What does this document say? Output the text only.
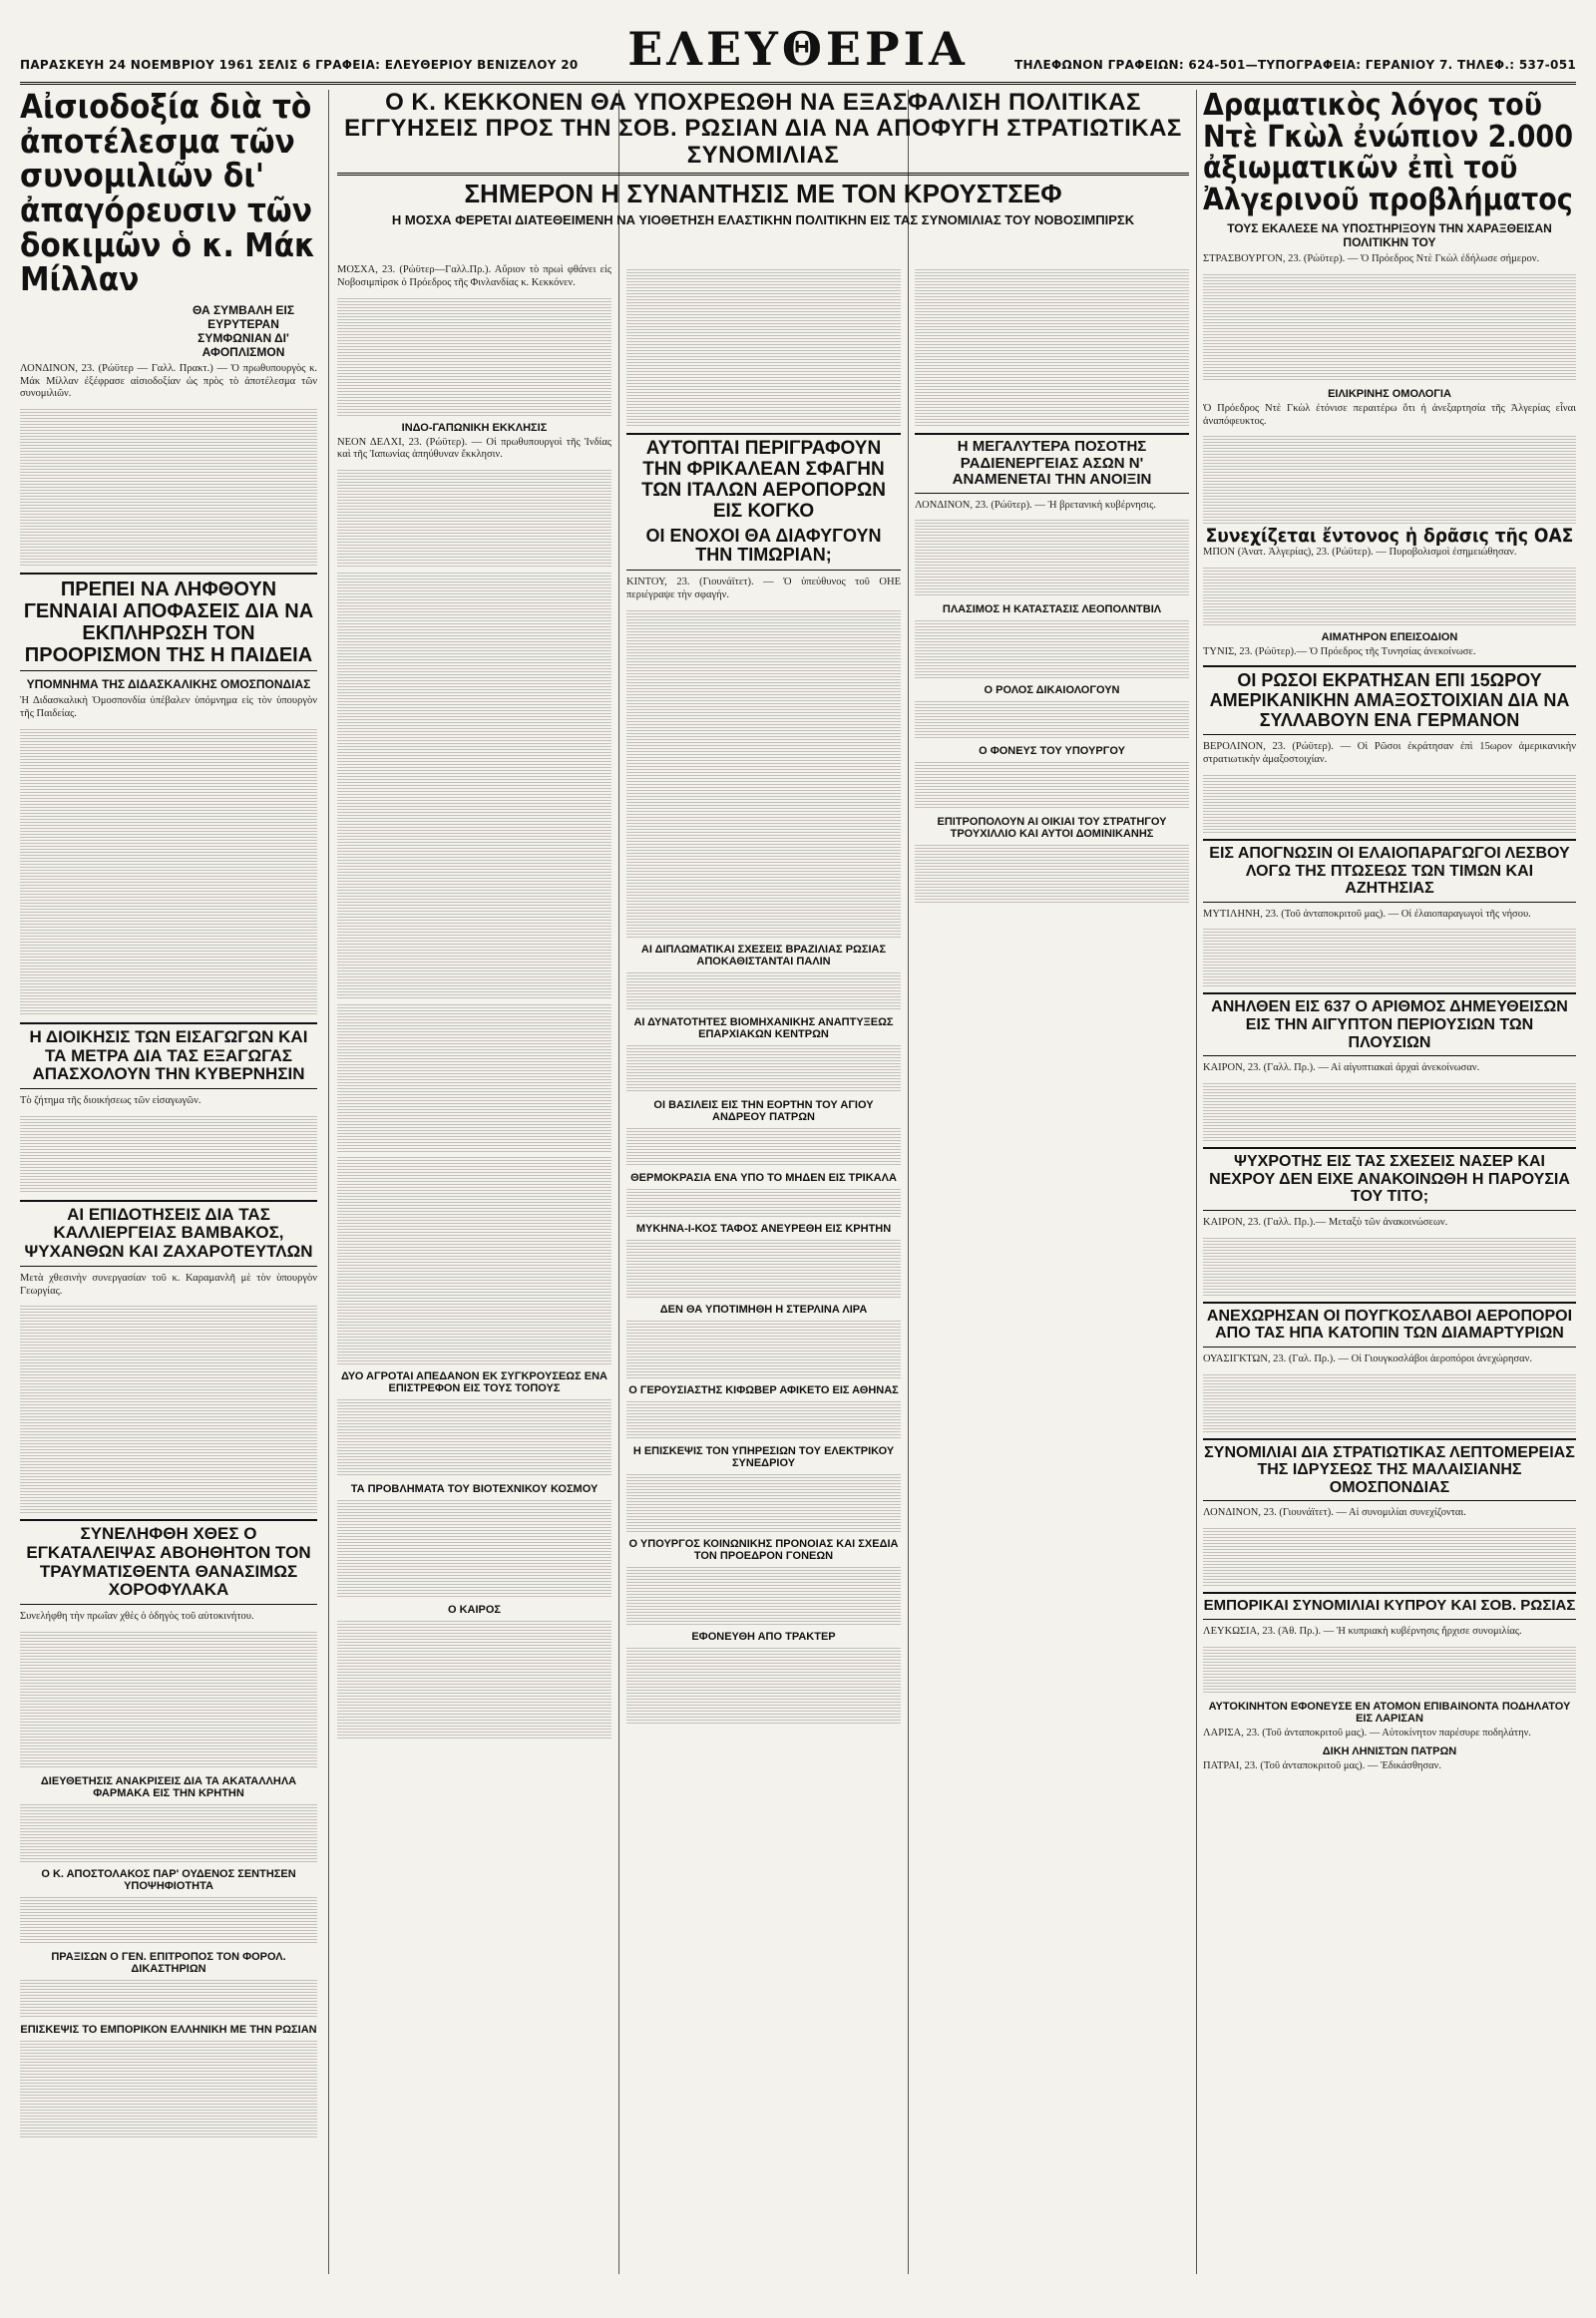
ΠΑΡΑΣΚΕΥΗ 24 ΝΟΕΜΒΡΙΟΥ 1961 ΣΕΛΙΣ 6 ΓΡΑΦΕΙΑ: ΕΛΕΥΘΕΡΙΟΥ ΒΕΝΙΖΕΛΟΥ 20	ΕΛΕΥΘΕΡΙΑ	ΤΗΛΕΦΩΝΟΝ ΓΡΑΦΕΙΩΝ: 624-501—ΤΥΠΟΓΡΑΦΕΙΑ: ΓΕΡΑΝΙΟΥ 7. ΤΗΛΕΦ.: 537-051
Αἰσιοδοξία διὰ τὸ ἀποτέλεσμα τῶν συνομιλιῶν δι' ἀπαγόρευσιν τῶν δοκιμῶν ὁ κ. Μάκ Μίλλαν
ΘΑ ΣΥΜΒΑΛΗ ΕΙΣ ΕΥΡΥΤΕΡΑΝ ΣΥΜΦΩΝΙΑΝ ΔΙ' ΑΦΟΠΛΙΣΜΟΝ

ΛΟΝΔΙΝΟΝ, 23. (Ρώϋτερ — Γαλλ. Πρακτ.) — Ὁ πρωθυπουργὸς κ. Μάκ Μίλλαν ἐξέφρασε αἰσιοδοξίαν ὡς πρὸς τὸ ἀποτέλεσμα τῶν συνομιλιῶν.

ΠΡΕΠΕΙ ΝΑ ΛΗΦΘΟΥΝ ΓΕΝΝΑΙΑΙ ΑΠΟΦΑΣΕΙΣ ΔΙΑ ΝΑ ΕΚΠΛΗΡΩΣΗ ΤΟΝ ΠΡΟΟΡΙΣΜΟΝ ΤΗΣ Η ΠΑΙΔΕΙΑ
ΥΠΟΜΝΗΜΑ ΤΗΣ ΔΙΔΑΣΚΑΛΙΚΗΣ ΟΜΟΣΠΟΝΔΙΑΣ

Ἡ Διδασκαλικὴ Ὁμοσπονδία ὑπέβαλεν ὑπόμνημα εἰς τὸν ὑπουργὸν τῆς Παιδείας.

Η ΔΙΟΙΚΗΣΙΣ ΤΩΝ ΕΙΣΑΓΩΓΩΝ ΚΑΙ ΤΑ ΜΕΤΡΑ ΔΙΑ ΤΑΣ ΕΞΑΓΩΓΑΣ ΑΠΑΣΧΟΛΟΥΝ ΤΗΝ ΚΥΒΕΡΝΗΣΙΝ

Τὸ ζήτημα τῆς διοικήσεως τῶν εἰσαγωγῶν.

ΑΙ ΕΠΙΔΟΤΗΣΕΙΣ ΔΙΑ ΤΑΣ ΚΑΛΛΙΕΡΓΕΙΑΣ ΒΑΜΒΑΚΟΣ, ΨΥΧΑΝΘΩΝ ΚΑΙ ΖΑΧΑΡΟΤΕΥΤΛΩΝ

Μετὰ χθεσινὴν συνεργασίαν τοῦ κ. Καραμανλῆ μὲ τὸν ὑπουργὸν Γεωργίας.

ΣΥΝΕΛΗΦΘΗ ΧΘΕΣ Ο ΕΓΚΑΤΑΛΕΙΨΑΣ ΑΒΟΗΘΗΤΟΝ ΤΟΝ ΤΡΑΥΜΑΤΙΣΘΕΝΤΑ ΘΑΝΑΣΙΜΩΣ ΧΟΡΟΦΥΛΑΚΑ

Συνελήφθη τὴν πρωΐαν χθὲς ὁ ὁδηγὸς τοῦ αὐτοκινήτου.

ΔΙΕΥΘΕΤΗΣΙΣ ΑΝΑΚΡΙΣΕΙΣ ΔΙΑ ΤΑ ΑΚΑΤΑΛΛΗΛΑ ΦΑΡΜΑΚΑ ΕΙΣ ΤΗΝ ΚΡΗΤΗΝ
Ο Κ. ΑΠΟΣΤΟΛΑΚΟΣ ΠΑΡ' ΟΥΔΕΝΟΣ ΣΕΝΤΗΣΕΝ ΥΠΟΨΗΦΙΟΤΗΤΑ
ΠΡΑΞΙΣΩΝ Ο ΓΕΝ. ΕΠΙΤΡΟΠΟΣ ΤΟΝ ΦΟΡΟΛ. ΔΙΚΑΣΤΗΡΙΩΝ
ΕΠΙΣΚΕΨΙΣ ΤΟ ΕΜΠΟΡΙΚΟΝ ΕΛΛΗΝΙΚΗ ΜΕ ΤΗΝ ΡΩΣΙΑΝ
Ο Κ. ΚΕΚΚΟΝΕΝ ΘΑ ΥΠΟΧΡΕΩΘΗ ΝΑ ΕΞΑΣΦΑΛΙΣΗ ΠΟΛΙΤΙΚΑΣ ΕΓΓΥΗΣΕΙΣ ΠΡΟΣ ΤΗΝ ΣΟΒ. ΡΩΣΙΑΝ ΔΙΑ ΝΑ ΑΠΟΦΥΓΗ ΣΤΡΑΤΙΩΤΙΚΑΣ ΣΥΝΟΜΙΛΙΑΣ
ΣΗΜΕΡΟΝ Η ΣΥΝΑΝΤΗΣΙΣ ΜΕ ΤΟΝ ΚΡΟΥΣΤΣΕΦ
Η ΜΟΣΧΑ ΦΕΡΕΤΑΙ ΔΙΑΤΕΘΕΙΜΕΝΗ ΝΑ ΥΙΟΘΕΤΗΣΗ ΕΛΑΣΤΙΚΗΝ ΠΟΛΙΤΙΚΗΝ ΕΙΣ ΤΑΣ ΣΥΝΟΜΙΛΙΑΣ ΤΟΥ ΝΟΒΟΣΙΜΠΙΡΣΚ

ΜΟΣΧΑ, 23. (Ρώϋτερ—Γαλλ.Πρ.). Αὔριον τὸ πρωὶ φθάνει εἰς Νοβοσιμπὶρσκ ὁ Πρόεδρος τῆς Φινλανδίας κ. Κεκκόνεν.

ΙΝΔΟ-ΓΑΠΩΝΙΚΗ ΕΚΚΛΗΣΙΣ

ΝΕΟΝ ΔΕΛΧΙ, 23. (Ρώϋτερ). — Οἱ πρωθυπουργοὶ τῆς Ἰνδίας καὶ τῆς Ἰαπωνίας ἀπηύθυναν ἔκκλησιν.

ΔΥΟ ΑΓΡΟΤΑΙ ΑΠΕΔΑΝΟΝ ΕΚ ΣΥΓΚΡΟΥΣΕΩΣ ΕΝΑ ΕΠΙΣΤΡΕΦΟΝ ΕΙΣ ΤΟΥΣ ΤΟΠΟΥΣ
ΤΑ ΠΡΟΒΛΗΜΑΤΑ ΤΟΥ ΒΙΟΤΕΧΝΙΚΟΥ ΚΟΣΜΟΥ
Ο ΚΑΙΡΟΣ
ΑΥΤΟΠΤΑΙ ΠΕΡΙΓΡΑΦΟΥΝ ΤΗΝ ΦΡΙΚΑΛΕΑΝ ΣΦΑΓΗΝ ΤΩΝ ΙΤΑΛΩΝ ΑΕΡΟΠΟΡΩΝ ΕΙΣ ΚΟΓΚΟ
ΟΙ ΕΝΟΧΟΙ ΘΑ ΔΙΑΦΥΓΟΥΝ ΤΗΝ ΤΙΜΩΡΙΑΝ;

ΚΙΝΤΟΥ, 23. (Γιουνάϊτετ). — Ὁ ὑπεύθυνος τοῦ ΟΗΕ περιέγραψε τὴν σφαγήν.

ΑΙ ΔΙΠΛΩΜΑΤΙΚΑΙ ΣΧΕΣΕΙΣ ΒΡΑΖΙΛΙΑΣ ΡΩΣΙΑΣ ΑΠΟΚΑΘΙΣΤΑΝΤΑΙ ΠΑΛΙΝ
ΑΙ ΔΥΝΑΤΟΤΗΤΕΣ ΒΙΟΜΗΧΑΝΙΚΗΣ ΑΝΑΠΤΥΞΕΩΣ ΕΠΑΡΧΙΑΚΩΝ ΚΕΝΤΡΩΝ
ΟΙ ΒΑΣΙΛΕΙΣ ΕΙΣ ΤΗΝ ΕΟΡΤΗΝ ΤΟΥ ΑΓΙΟΥ ΑΝΔΡΕΟΥ ΠΑΤΡΩΝ
ΘΕΡΜΟΚΡΑΣΙΑ ΕΝΑ ΥΠΟ ΤΟ ΜΗΔΕΝ ΕΙΣ ΤΡΙΚΑΛΑ
ΜΥΚΗΝΑ-Ι-ΚΟΣ ΤΑΦΟΣ ΑΝΕΥΡΕΘΗ ΕΙΣ ΚΡΗΤΗΝ
ΔΕΝ ΘΑ ΥΠΟΤΙΜΗΘΗ Η ΣΤΕΡΛΙΝΑ ΛΙΡΑ
Ο ΓΕΡΟΥΣΙΑΣΤΗΣ ΚΙΦΩΒΕΡ ΑΦΙΚΕΤΟ ΕΙΣ ΑΘΗΝΑΣ
Η ΕΠΙΣΚΕΨΙΣ ΤΟΝ ΥΠΗΡΕΣΙΩΝ ΤΟΥ ΕΛΕΚΤΡΙΚΟΥ ΣΥΝΕΔΡΙΟΥ
Ο ΥΠΟΥΡΓΟΣ ΚΟΙΝΩΝΙΚΗΣ ΠΡΟΝΟΙΑΣ ΚΑΙ ΣΧΕΔΙΑ ΤΟΝ ΠΡΟΕΔΡΟΝ ΓΟΝΕΩΝ
ΕΦΟΝΕΥΘΗ ΑΠΟ ΤΡΑΚΤΕΡ
Η ΜΕΓΑΛΥΤΕΡΑ ΠΟΣΟΤΗΣ ΡΑΔΙΕΝΕΡΓΕΙΑΣ ΑΣΩΝ Ν' ΑΝΑΜΕΝΕΤΑΙ ΤΗΝ ΑΝΟΙΞΙΝ

ΛΟΝΔΙΝΟΝ, 23. (Ρώϋτερ). — Ἡ βρετανικὴ κυβέρνησις.

ΠΛΑΣΙΜΟΣ Η ΚΑΤΑΣΤΑΣΙΣ ΛΕΟΠΟΛΝΤΒΙΛ
Ο ΡΟΛΟΣ ΔΙΚΑΙΟΛΟΓΟΥΝ
Ο ΦΟΝΕΥΣ ΤΟΥ ΥΠΟΥΡΓΟΥ
ΕΠΙΤΡΟΠΟΛΟΥΝ ΑΙ ΟΙΚΙΑΙ ΤΟΥ ΣΤΡΑΤΗΓΟΥ ΤΡΟΥΧΙΛΛΙΟ ΚΑΙ ΑΥΤΟΙ ΔΟΜΙΝΙΚΑΝΗΣ
Δραματικὸς λόγος τοῦ Ντὲ Γκὼλ ἐνώπιον 2.000 ἀξιωματικῶν ἐπὶ τοῦ Ἀλγερινοῦ προβλήματος
ΤΟΥΣ ΕΚΑΛΕΣΕ ΝΑ ΥΠΟΣΤΗΡΙΞΟΥΝ ΤΗΝ ΧΑΡΑΞΘΕΙΣΑΝ ΠΟΛΙΤΙΚΗΝ ΤΟΥ

ΣΤΡΑΣΒΟΥΡΓΟΝ, 23. (Ρώϋτερ). — Ὁ Πρόεδρος Ντὲ Γκὼλ ἐδήλωσε σήμερον.

ΕΙΛΙΚΡΙΝΗΣ ΟΜΟΛΟΓΙΑ

Ὁ Πρόεδρος Ντὲ Γκὼλ ἐτόνισε περαιτέρω ὅτι ἡ ἀνεξαρτησία τῆς Ἀλγερίας εἶναι ἀναπόφευκτος.

Συνεχίζεται ἔντονος ἡ δρᾶσις τῆς ΟΑΣ

ΜΠΟΝ (Ἀνατ. Ἀλγερίας), 23. (Ρώϋτερ). — Πυροβολισμοὶ ἐσημειώθησαν.

ΑΙΜΑΤΗΡΟΝ ΕΠΕΙΣΟΔΙΟΝ

ΤΥΝΙΣ, 23. (Ρώϋτερ).— Ὁ Πρόεδρος τῆς Τυνησίας ἀνεκοίνωσε.

ΟΙ ΡΩΣΟΙ ΕΚΡΑΤΗΣΑΝ ΕΠΙ 15ΩΡΟΥ ΑΜΕΡΙΚΑΝΙΚΗΝ ΑΜΑΞΟΣΤΟΙΧΙΑΝ ΔΙΑ ΝΑ ΣΥΛΛΑΒΟΥΝ ΕΝΑ ΓΕΡΜΑΝΟΝ

ΒΕΡΟΛΙΝΟΝ, 23. (Ρώϋτερ). — Οἱ Ρῶσοι ἐκράτησαν ἐπὶ 15ωρον ἀμερικανικὴν στρατιωτικὴν ἀμαξοστοιχίαν.

ΕΙΣ ΑΠΟΓΝΩΣΙΝ ΟΙ ΕΛΑΙΟΠΑΡΑΓΩΓΟΙ ΛΕΣΒΟΥ ΛΟΓΩ ΤΗΣ ΠΤΩΣΕΩΣ ΤΩΝ ΤΙΜΩΝ ΚΑΙ ΑΖΗΤΗΣΙΑΣ

ΜΥΤΙΛΗΝΗ, 23. (Τοῦ ἀνταποκριτοῦ μας). — Οἱ ἐλαιοπαραγωγοὶ τῆς νήσου.

ΑΝΗΛΘΕΝ ΕΙΣ 637 Ο ΑΡΙΘΜΟΣ ΔΗΜΕΥΘΕΙΣΩΝ ΕΙΣ ΤΗΝ ΑΙΓΥΠΤΟΝ ΠΕΡΙΟΥΣΙΩΝ ΤΩΝ ΠΛΟΥΣΙΩΝ

ΚΑΙΡΟΝ, 23. (Γαλλ. Πρ.). — Αἱ αἰγυπτιακαὶ ἀρχαὶ ἀνεκοίνωσαν.

ΨΥΧΡΟΤΗΣ ΕΙΣ ΤΑΣ ΣΧΕΣΕΙΣ ΝΑΣΕΡ ΚΑΙ ΝΕΧΡΟΥ ΔΕΝ ΕΙΧΕ ΑΝΑΚΟΙΝΩΘΗ Η ΠΑΡΟΥΣΙΑ ΤΟΥ ΤΙΤΟ;

ΚΑΙΡΟΝ, 23. (Γαλλ. Πρ.).— Μεταξὺ τῶν ἀνακοινώσεων.

ΑΝΕΧΩΡΗΣΑΝ ΟΙ ΠΟΥΓΚΟΣΛΑΒΟΙ ΑΕΡΟΠΟΡΟΙ ΑΠΟ ΤΑΣ ΗΠΑ ΚΑΤΟΠΙΝ ΤΩΝ ΔΙΑΜΑΡΤΥΡΙΩΝ

ΟΥΑΣΙΓΚΤΩΝ, 23. (Γαλ. Πρ.). — Οἱ Γιουγκοσλάβοι ἀεροπόροι ἀνεχώρησαν.

ΣΥΝΟΜΙΛΙΑΙ ΔΙΑ ΣΤΡΑΤΙΩΤΙΚΑΣ ΛΕΠΤΟΜΕΡΕΙΑΣ ΤΗΣ ΙΔΡΥΣΕΩΣ ΤΗΣ ΜΑΛΑΙΣΙΑΝΗΣ ΟΜΟΣΠΟΝΔΙΑΣ

ΛΟΝΔΙΝΟΝ, 23. (Γιουνάϊτετ). — Αἱ συνομιλίαι συνεχίζονται.

ΕΜΠΟΡΙΚΑΙ ΣΥΝΟΜΙΛΙΑΙ ΚΥΠΡΟΥ ΚΑΙ ΣΟΒ. ΡΩΣΙΑΣ

ΛΕΥΚΩΣΙΑ, 23. (Ἀθ. Πρ.). — Ἡ κυπριακὴ κυβέρνησις ἤρχισε συνομιλίας.

ΑΥΤΟΚΙΝΗΤΟΝ ΕΦΟΝΕΥΣΕ ΕΝ ΑΤΟΜΟΝ ΕΠΙΒΑΙΝΟΝΤΑ ΠΟΔΗΛΑΤΟΥ ΕΙΣ ΛΑΡΙΣΑΝ

ΛΑΡΙΣΑ, 23. (Τοῦ ἀνταποκριτοῦ μας). — Αὐτοκίνητον παρέσυρε ποδηλάτην.

ΔΙΚΗ ΛΗΝΙΣΤΩΝ ΠΑΤΡΩΝ

ΠΑΤΡΑΙ, 23. (Τοῦ ἀνταποκριτοῦ μας). — Ἐδικάσθησαν.
